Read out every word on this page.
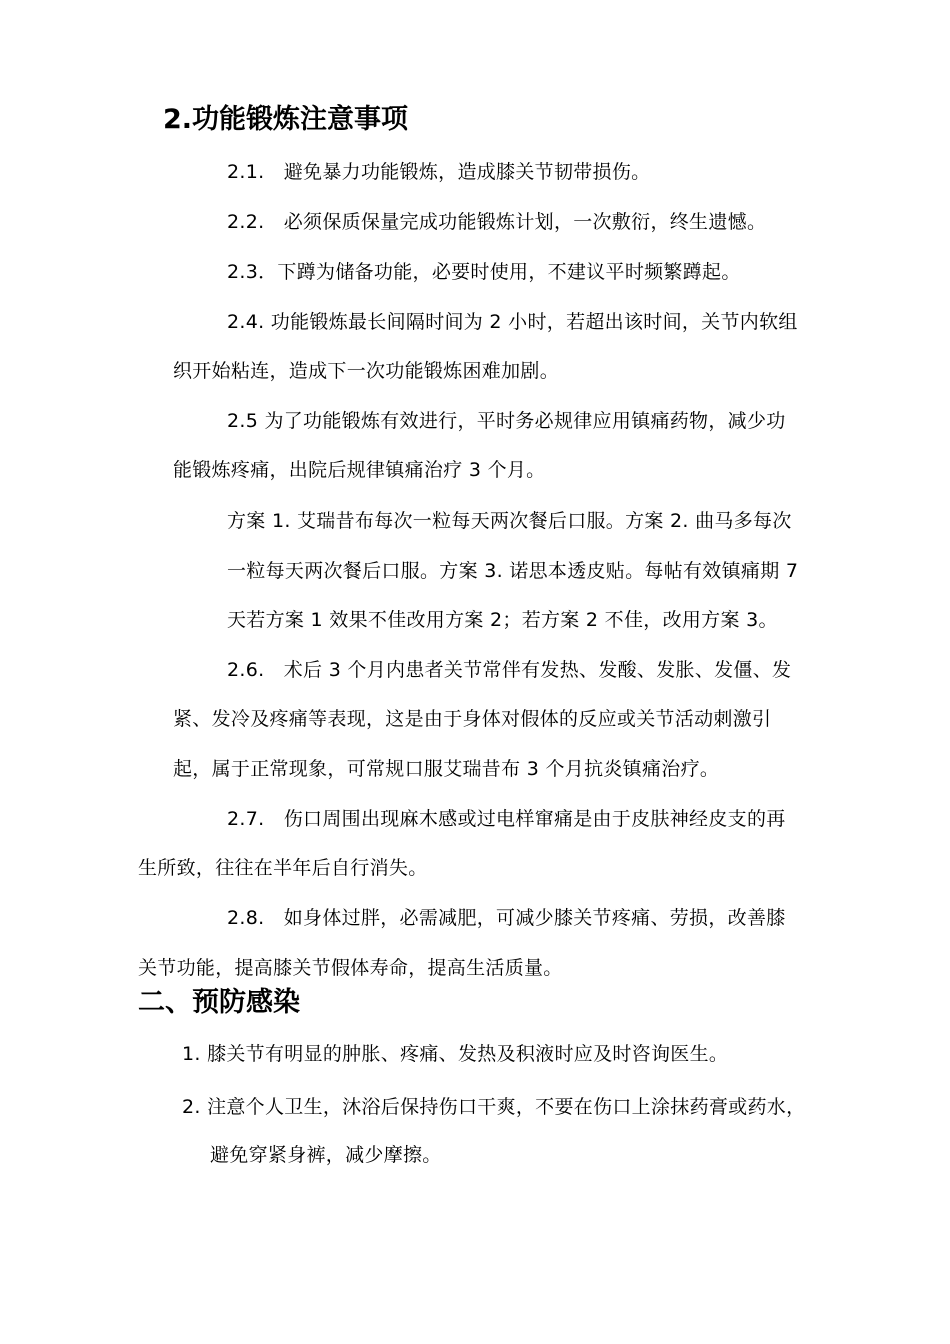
2.功能锻炼注意事项
2.1.　避免暴力功能锻炼，造成膝关节韧带损伤。
2.2.　必须保质保量完成功能锻炼计划，一次敷衍，终生遗憾。
2.3．下蹲为储备功能，必要时使用，不建议平时频繁蹲起。
2.4. 功能锻炼最长间隔时间为 2 小时，若超出该时间，关节内软组
织开始粘连，造成下一次功能锻炼困难加剧。
2.5 为了功能锻炼有效进行，平时务必规律应用镇痛药物，减少功
能锻炼疼痛，出院后规律镇痛治疗 3 个月。
方案 1. 艾瑞昔布每次一粒每天两次餐后口服。方案 2. 曲马多每次
一粒每天两次餐后口服。方案 3. 诺思本透皮贴。每帖有效镇痛期 7
天若方案 1 效果不佳改用方案 2；若方案 2 不佳，改用方案 3。
2.6.　术后 3 个月内患者关节常伴有发热、发酸、发胀、发僵、发
紧、发冷及疼痛等表现，这是由于身体对假体的反应或关节活动刺激引
起，属于正常现象，可常规口服艾瑞昔布 3 个月抗炎镇痛治疗。
2.7.　伤口周围出现麻木感或过电样窜痛是由于皮肤神经皮支的再
生所致，往往在半年后自行消失。
2.8.　如身体过胖，必需减肥，可减少膝关节疼痛、劳损，改善膝
关节功能，提高膝关节假体寿命，提高生活质量。
二、预防感染
1. 膝关节有明显的肿胀、疼痛、发热及积液时应及时咨询医生。
2. 注意个人卫生，沐浴后保持伤口干爽，不要在伤口上涂抹药膏或药水，
避免穿紧身裤，减少摩擦。
